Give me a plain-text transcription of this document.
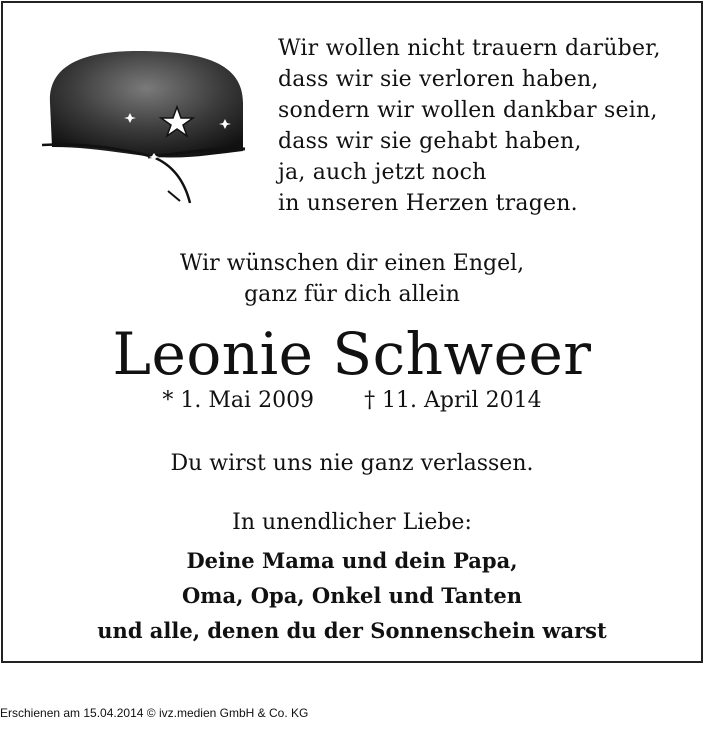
Wir wollen nicht trauern darüber,
dass wir sie verloren haben,
sondern wir wollen dankbar sein,
dass wir sie gehabt haben,
ja, auch jetzt noch
in unseren Herzen tragen.
Wir wünschen dir einen Engel,
ganz für dich allein
Leonie Schweer
* 1. Mai 2009 † 11. April 2014
Du wirst uns nie ganz verlassen.
In unendlicher Liebe:
Deine Mama und dein Papa,
Oma, Opa, Onkel und Tanten
und alle, denen du der Sonnenschein warst
Erschienen am 15.04.2014 © ivz.medien GmbH & Co. KG
